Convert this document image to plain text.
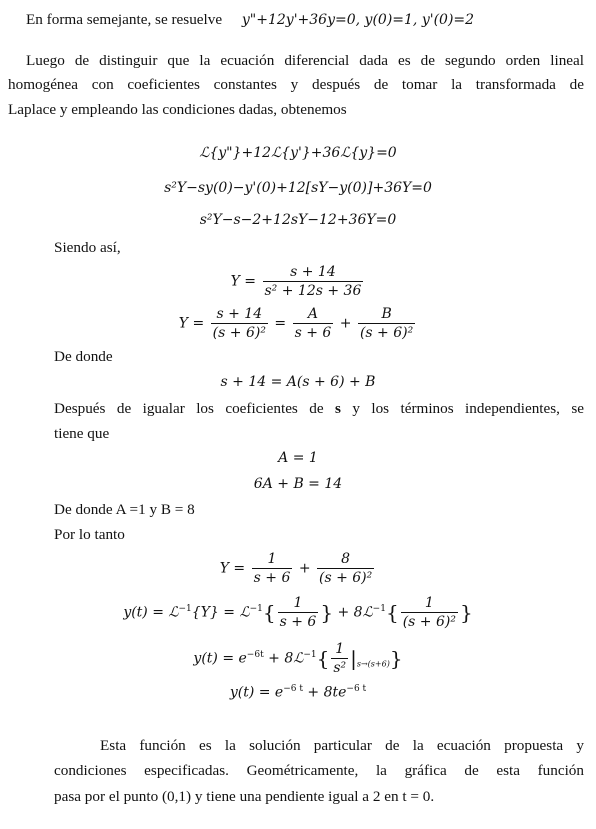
En forma semejante, se resuelve y"+12y'+36y=0, y(0)=1, y'(0)=2
Luego de distinguir que la ecuación diferencial dada es de segundo orden lineal
homogénea con coeficientes constantes y después de tomar la transformada de
Laplace y empleando las condiciones dadas, obtenemos
ℒ{y"}+12ℒ{y'}+36ℒ{y}=0
s²Y−sy(0)−y'(0)+12[sY−y(0)]+36Y=0
s²Y−s−2+12sY−12+36Y=0
Siendo así,
$Y = \frac{s + 14}{\text{s² + 12s + 36}}$
$Y = \frac{s + 14}{\text{(s + 6)²}} = \frac{A}{s + 6} + \frac{B}{\text{(s + 6)²}}$
De donde
s + 14 = A(s + 6) + B
Después de igualar los coeficientes de s y los términos independientes, se
tiene que
A = 1
6A + B = 14
De donde A =1 y B = 8
Por lo tanto
$Y = \frac{1}{s + 6} + \frac{8}{\text{(s + 6)²}}$
y(t) = ℒ$^{-1}${Y} = ℒ$^{-1}${ $\frac{1}{s + 6}$ } + 8ℒ$^{-1}${ $\frac{1}{\text{(s + 6)²}}$ }
$y(t) = e^{-6t}$ + 8ℒ$^{-1}${ $\frac{1}{\text{s²}} |_{s\to(s+6)}$}
$y(t) = e^{-6 t} + 8te^{-6 t}$
Esta función es la solución particular de la ecuación propuesta y
condiciones especificadas. Geométricamente, la gráfica de esta función
pasa por el punto (0,1) y tiene una pendiente igual a 2 en t = 0.
